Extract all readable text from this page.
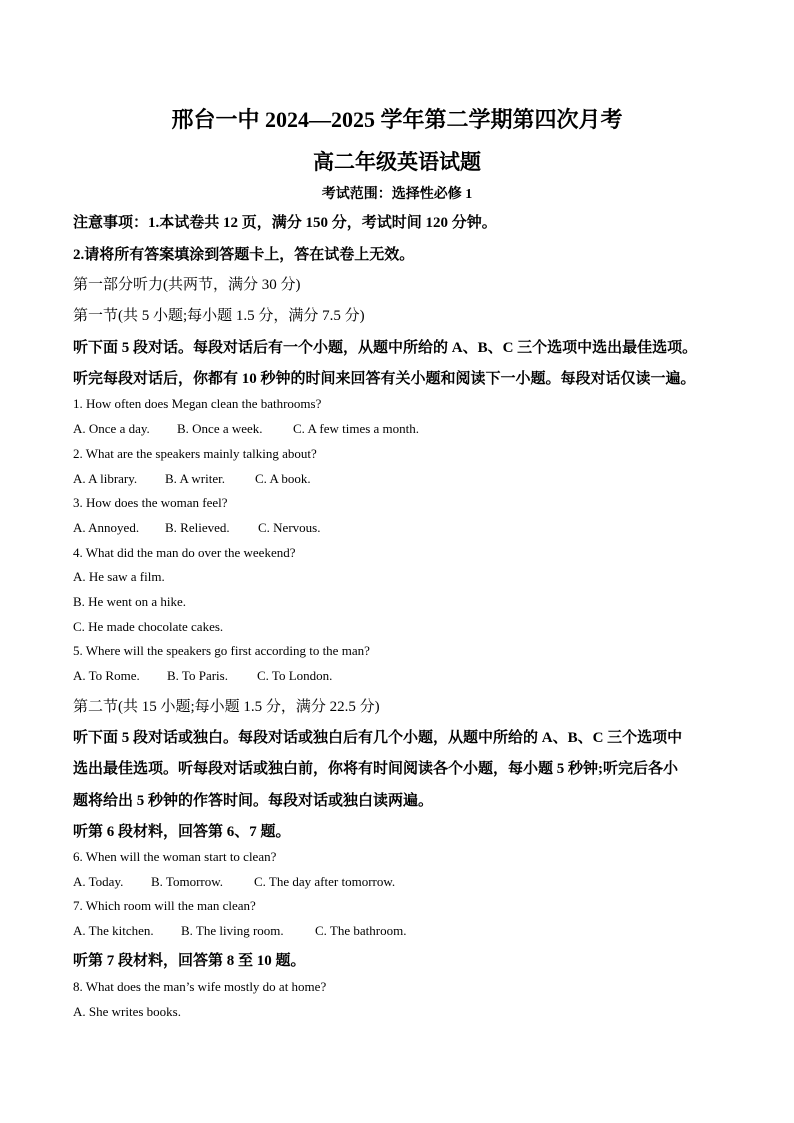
邢台一中 2024—2025 学年第二学期第四次月考
高二年级英语试题
考试范围：选择性必修 1
注意事项：1.本试卷共 12 页，满分 150 分，考试时间 120 分钟。
2.请将所有答案填涂到答题卡上，答在试卷上无效。
第一部分听力(共两节，满分 30 分)
第一节(共 5 小题;每小题 1.5 分，满分 7.5 分)
听下面 5 段对话。每段对话后有一个小题，从题中所给的 A、B、C 三个选项中选出最佳选项。
听完每段对话后，你都有 10 秒钟的时间来回答有关小题和阅读下一小题。每段对话仅读一遍。
1. How often does Megan clean the bathrooms?
A. Once a day. B. Once a week. C. A few times a month.
2. What are the speakers mainly talking about?
A. A library. B. A writer. C. A book.
3. How does the woman feel?
A. Annoyed. B. Relieved. C. Nervous.
4. What did the man do over the weekend?
A. He saw a film.
B. He went on a hike.
C. He made chocolate cakes.
5. Where will the speakers go first according to the man?
A. To Rome. B. To Paris. C. To London.
第二节(共 15 小题;每小题 1.5 分，满分 22.5 分)
听下面 5 段对话或独白。每段对话或独白后有几个小题，从题中所给的 A、B、C 三个选项中
选出最佳选项。听每段对话或独白前，你将有时间阅读各个小题，每小题 5 秒钟;听完后各小
题将给出 5 秒钟的作答时间。每段对话或独白读两遍。
听第 6 段材料，回答第 6、7 题。
6. When will the woman start to clean?
A. Today. B. Tomorrow. C. The day after tomorrow.
7. Which room will the man clean?
A. The kitchen. B. The living room. C. The bathroom.
听第 7 段材料，回答第 8 至 10 题。
8. What does the man’s wife mostly do at home?
A. She writes books.
